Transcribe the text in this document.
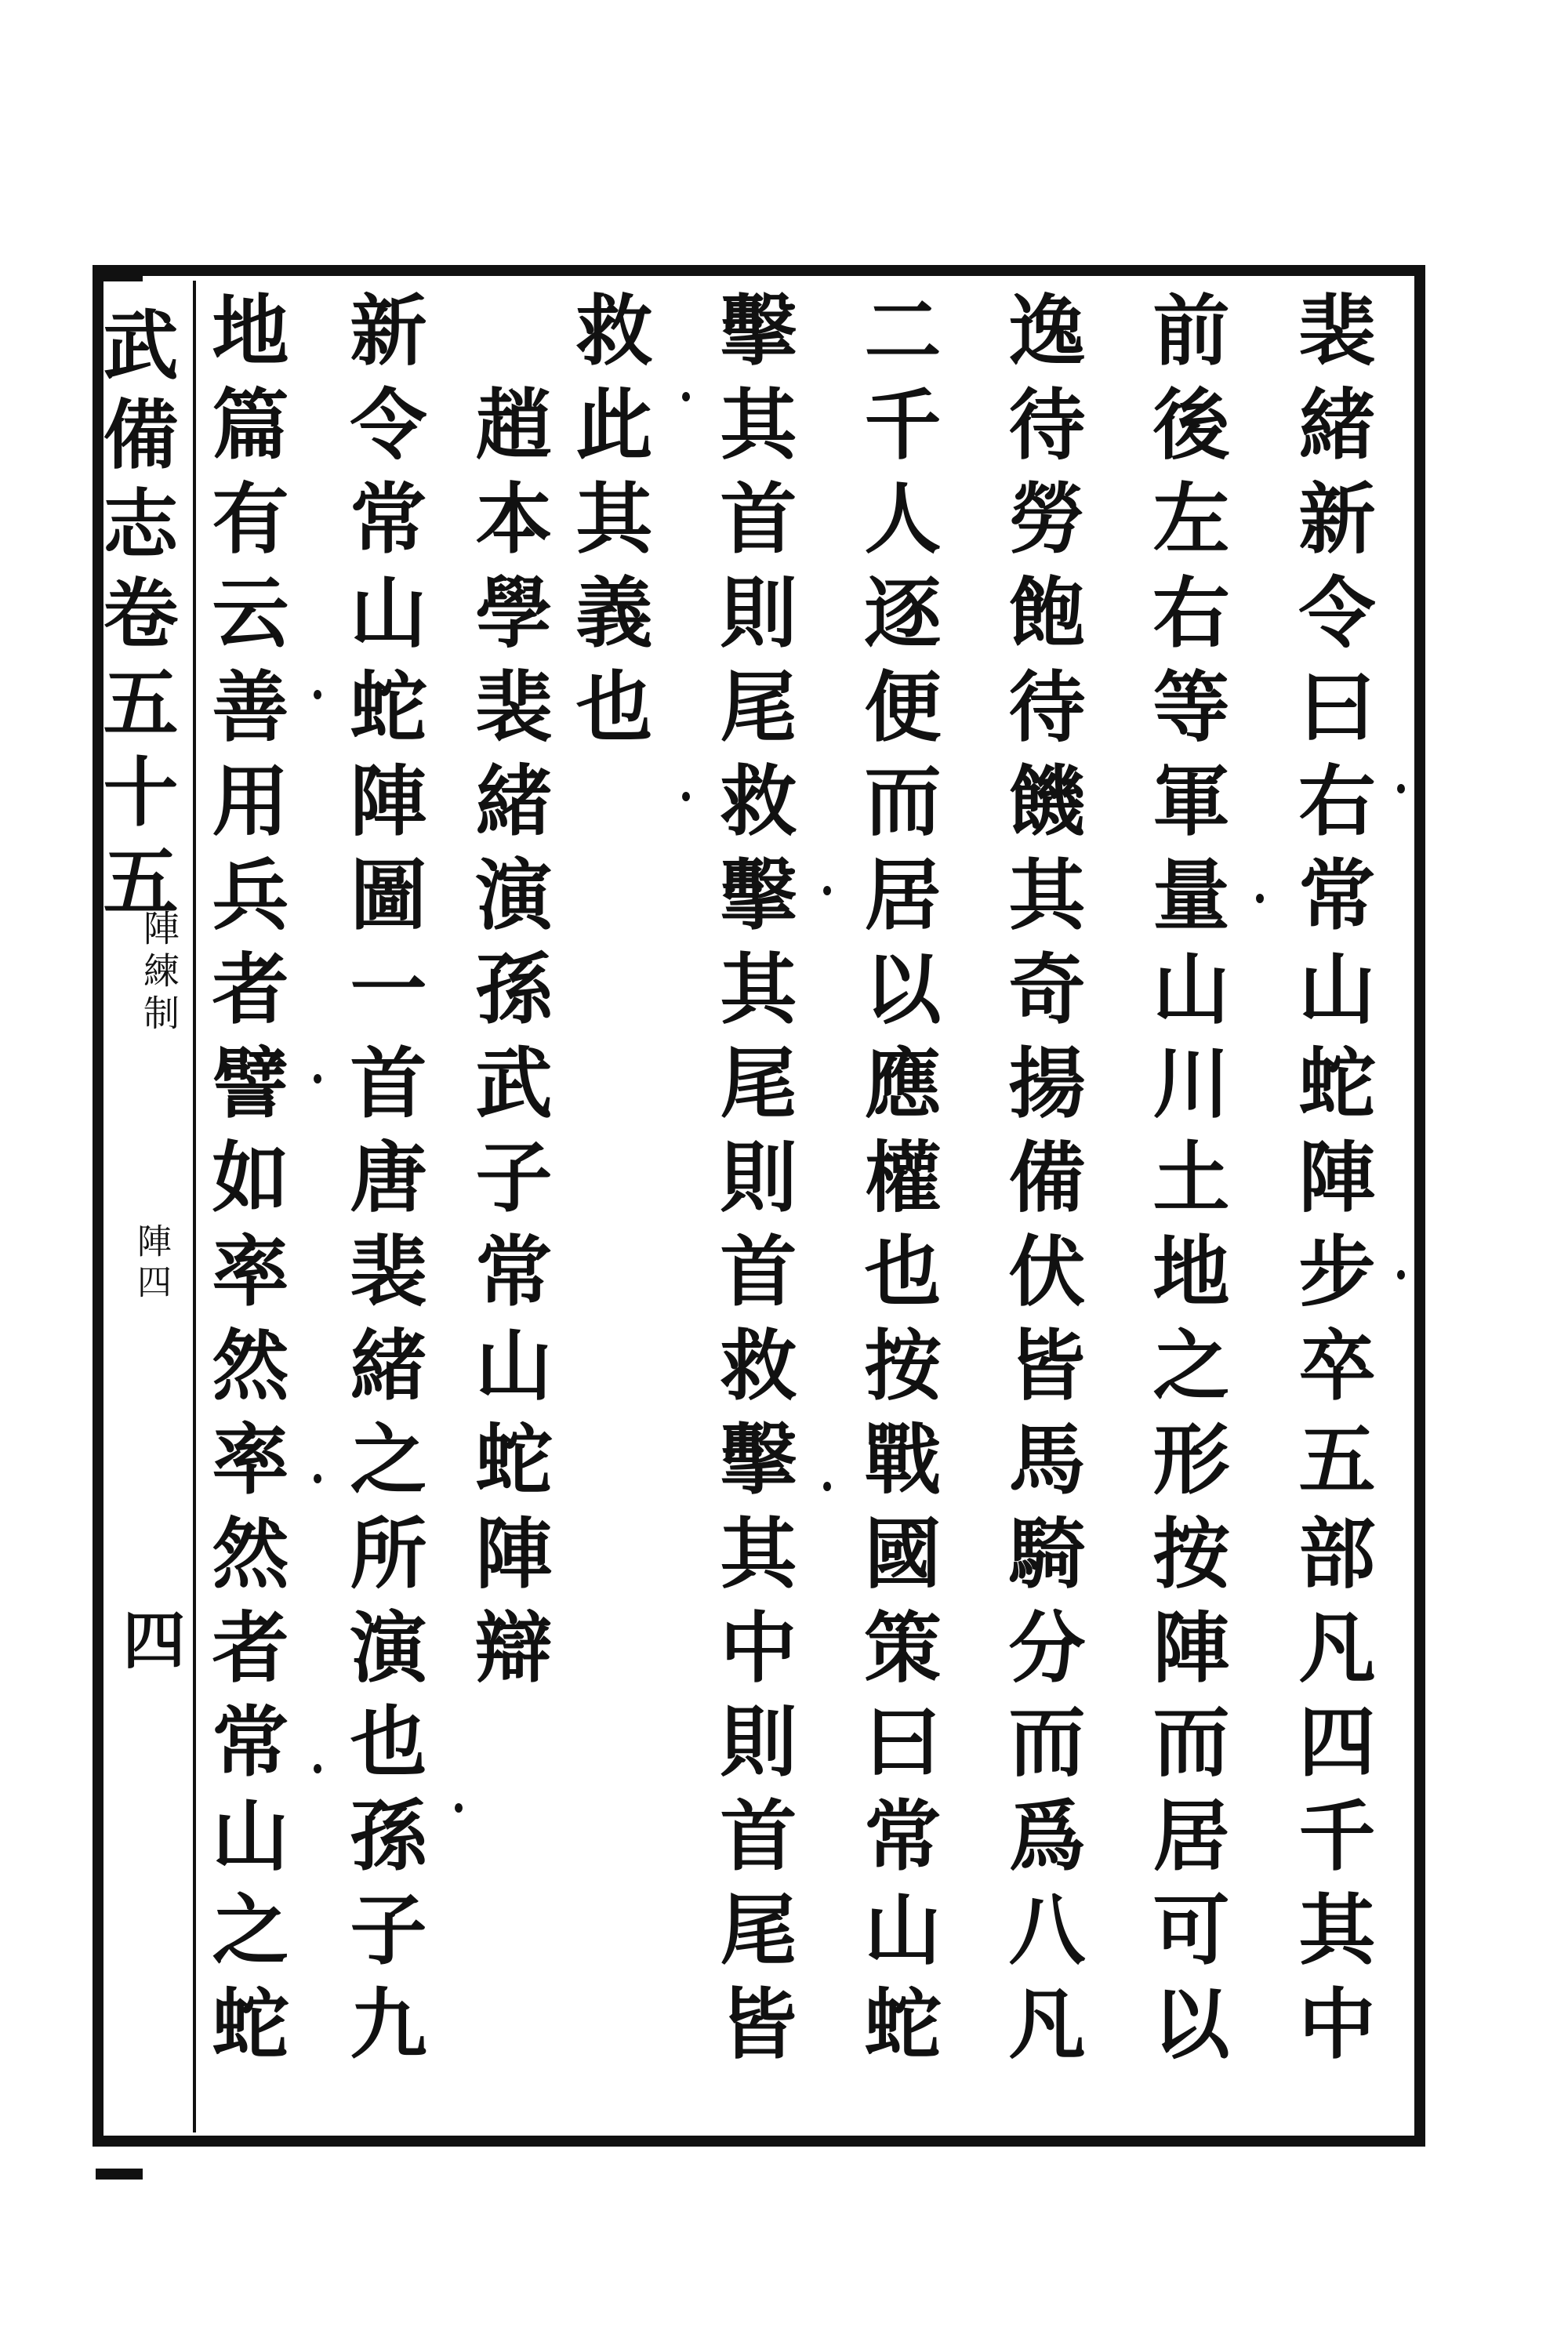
武備志卷五十五
陣練制
陣四
四	裴緒新令曰右常山蛇陣步卒五部凡四千其中
前後左右等軍量山川土地之形按陣而居可以
逸待勞飽待饑其奇揚備伏皆馬騎分而爲八凡
二千人逐便而居以應權也按戰國策曰常山蛇
擊其首則尾救擊其尾則首救擊其中則首尾皆
救此其義也
趙本學裴緒演孫武子常山蛇陣辯
新令常山蛇陣圖一首唐裴緒之所演也孫子九
地篇有云善用兵者譬如率然率然者常山之蛇
